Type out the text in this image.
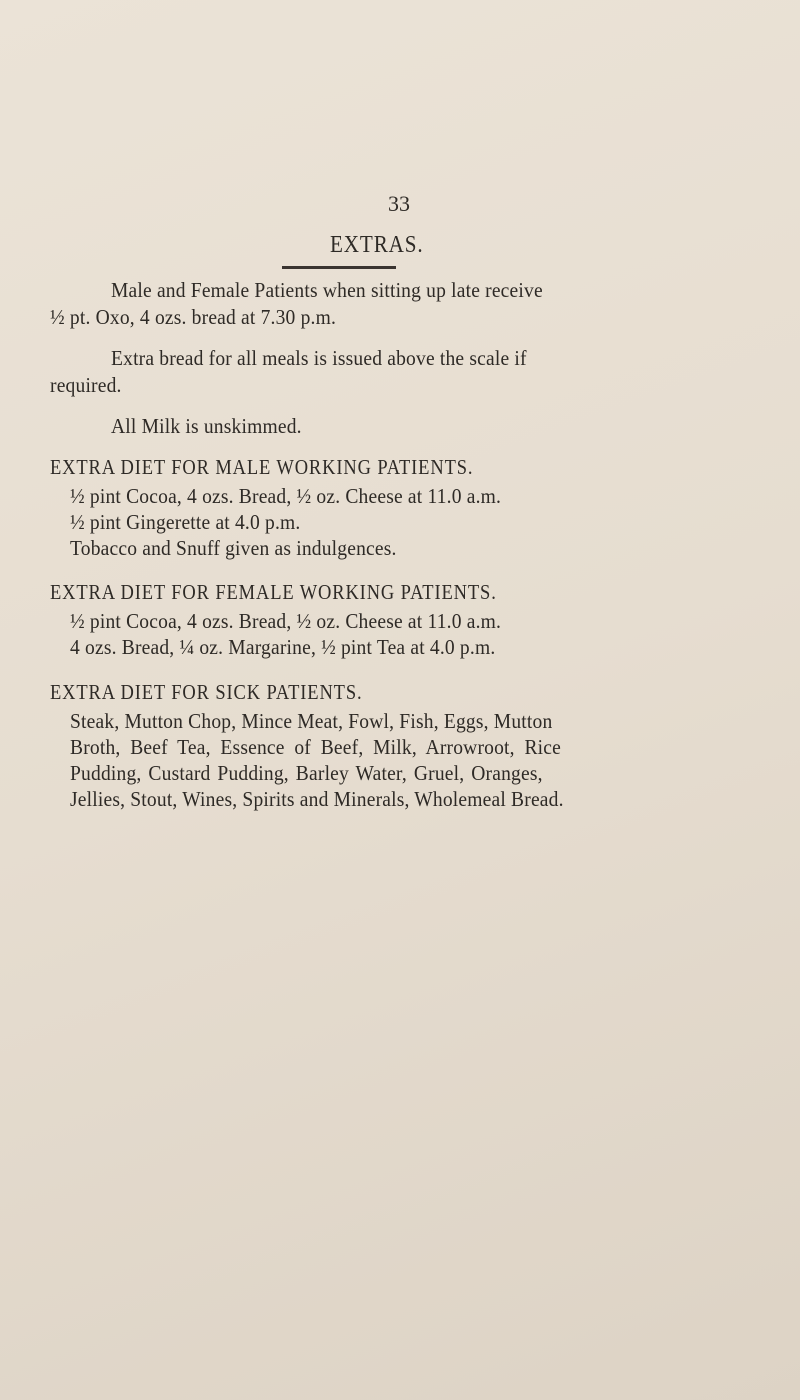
33
EXTRAS.
Male and Female Patients when sitting up late receive
½ pt. Oxo, 4 ozs. bread at 7.30 p.m.
Extra bread for all meals is issued above the scale if
required.
All Milk is unskimmed.
EXTRA DIET FOR MALE WORKING PATIENTS.
½ pint Cocoa, 4 ozs. Bread, ½ oz. Cheese at 11.0 a.m.
½ pint Gingerette at 4.0 p.m.
Tobacco and Snuff given as indulgences.
EXTRA DIET FOR FEMALE WORKING PATIENTS.
½ pint Cocoa, 4 ozs. Bread, ½ oz. Cheese at 11.0 a.m.
4 ozs. Bread, ¼ oz. Margarine, ½ pint Tea at 4.0 p.m.
EXTRA DIET FOR SICK PATIENTS.
Steak, Mutton Chop, Mince Meat, Fowl, Fish, Eggs, Mutton
Broth, Beef Tea, Essence of Beef, Milk, Arrowroot, Rice
Pudding, Custard Pudding, Barley Water, Gruel, Oranges,
Jellies, Stout, Wines, Spirits and Minerals, Wholemeal Bread.
